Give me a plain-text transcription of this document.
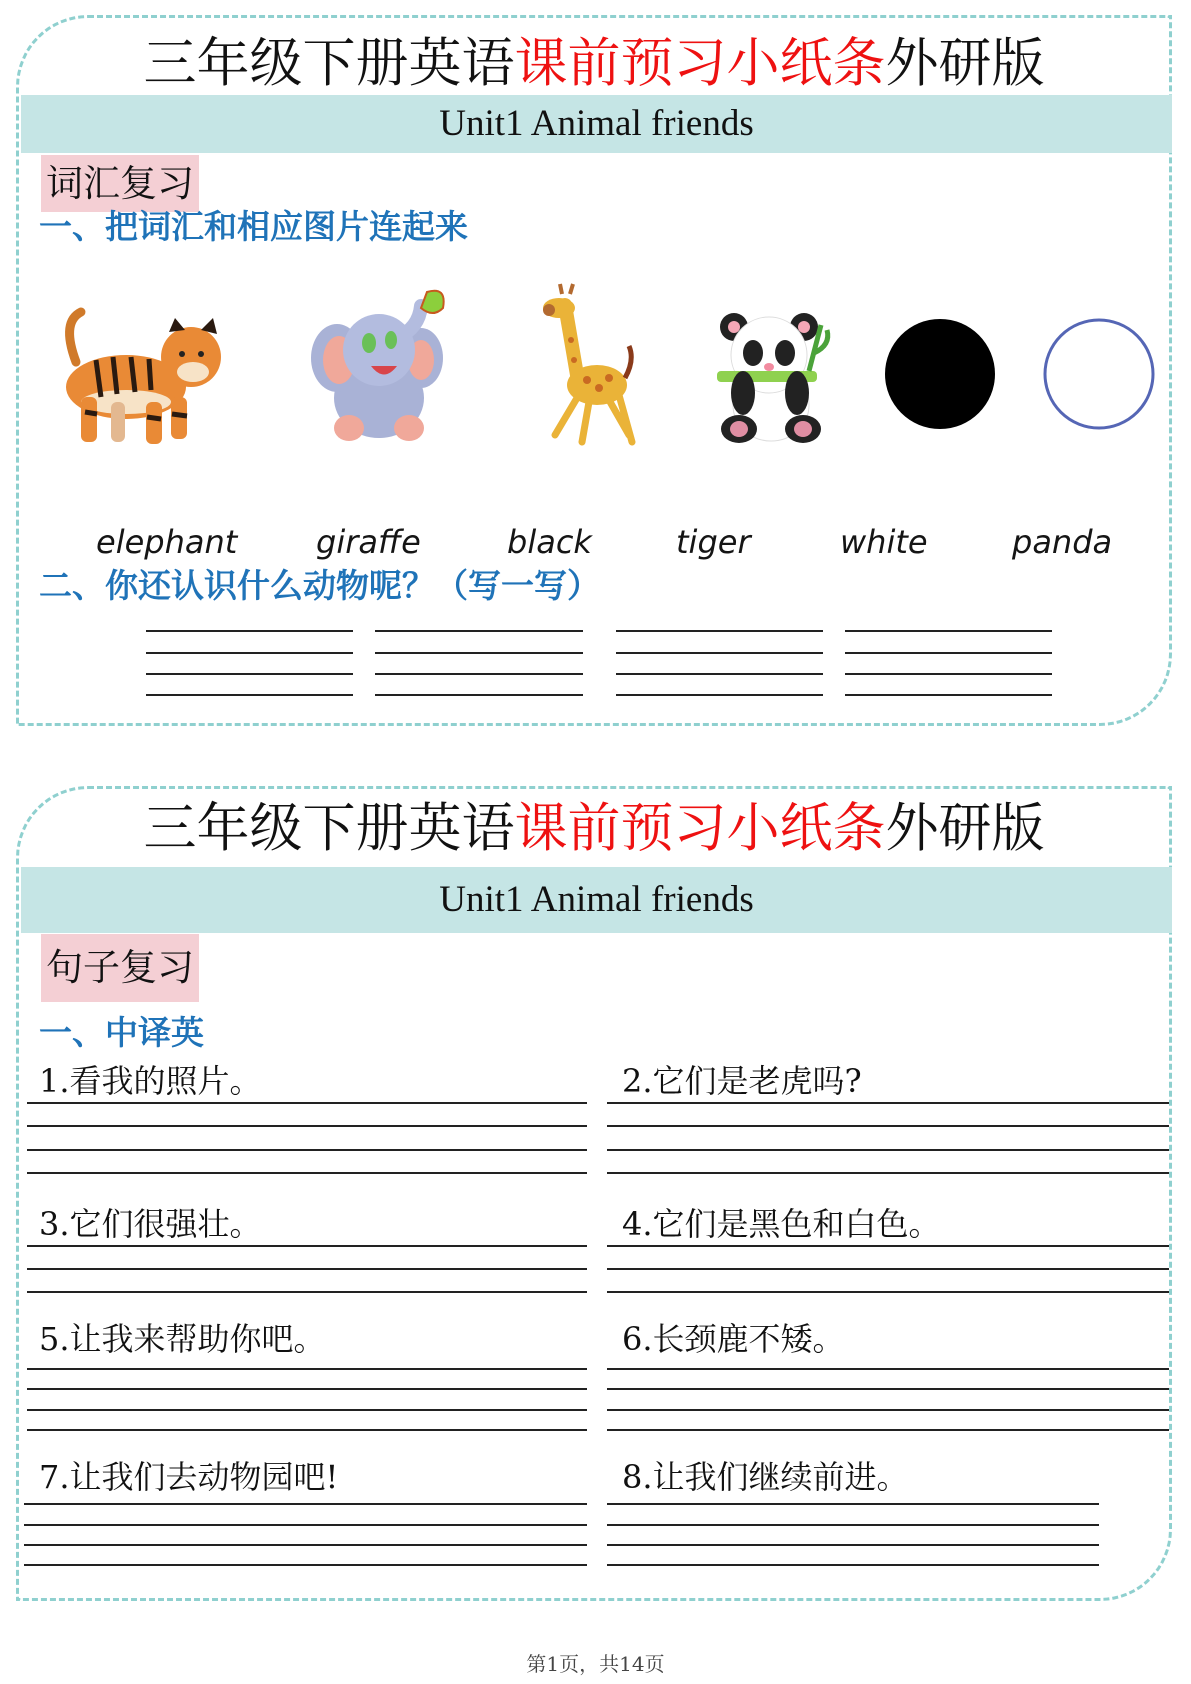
三年级下册英语课前预习小纸条外研版
Unit1 Animal friends
词汇复习
一、把词汇和相应图片连起来
elephant giraffe	black	tiger	white	panda
二、你还认识什么动物呢？（写一写）
三年级下册英语课前预习小纸条外研版
Unit1 Animal friends
句子复习
一、中译英
1.看我的照片。	2.它们是老虎吗?
3.它们很强壮。	4.它们是黑色和白色。
5.让我来帮助你吧。	6.长颈鹿不矮。
7.让我们去动物园吧!	8.让我们继续前进。
第1页，共14页
